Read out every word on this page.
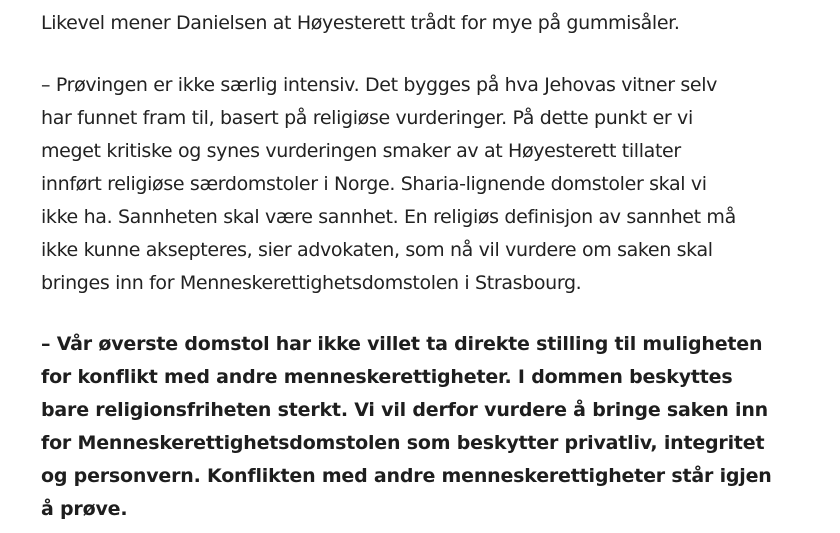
Likevel mener Danielsen at Høyesterett trådt for mye på gummisåler.

– Prøvingen er ikke særlig intensiv. Det bygges på hva Jehovas vitner selv
har funnet fram til, basert på religiøse vurderinger. På dette punkt er vi
meget kritiske og synes vurderingen smaker av at Høyesterett tillater
innført religiøse særdomstoler i Norge. Sharia-lignende domstoler skal vi
ikke ha. Sannheten skal være sannhet. En religiøs definisjon av sannhet må
ikke kunne aksepteres, sier advokaten, som nå vil vurdere om saken skal
bringes inn for Menneskerettighetsdomstolen i Strasbourg.

– Vår øverste domstol har ikke villet ta direkte stilling til muligheten
for konflikt med andre menneskerettigheter. I dommen beskyttes
bare religionsfriheten sterkt. Vi vil derfor vurdere å bringe saken inn
for Menneskerettighetsdomstolen som beskytter privatliv, integritet
og personvern. Konflikten med andre menneskerettigheter står igjen
å prøve.
